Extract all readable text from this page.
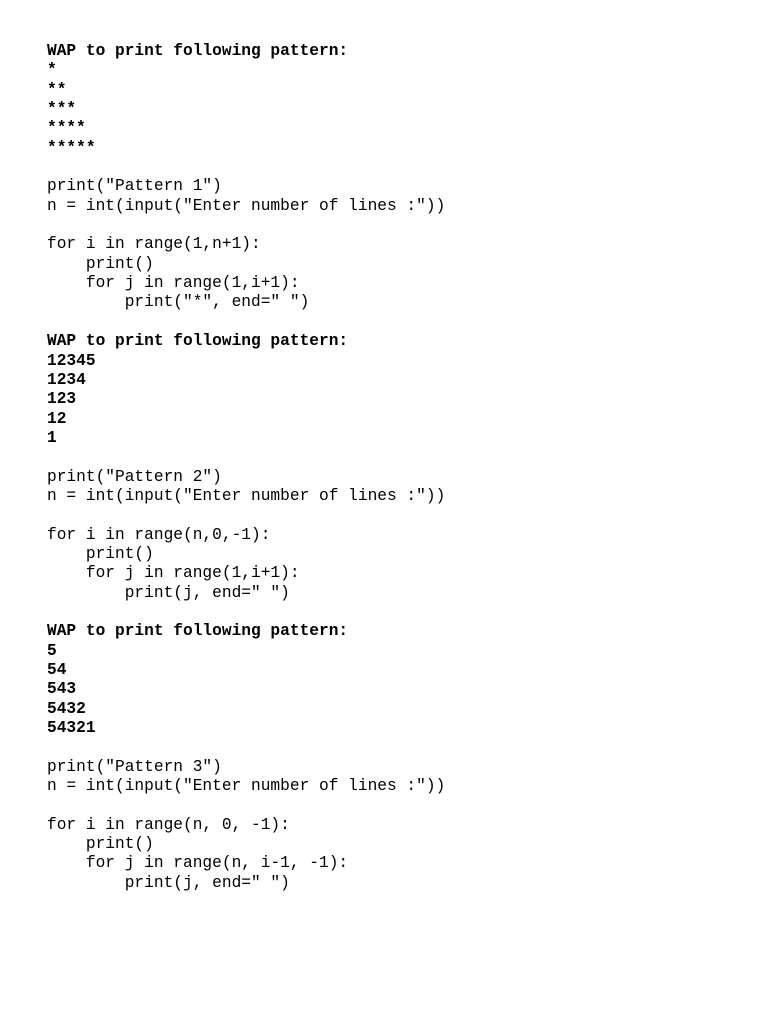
WAP to print following pattern:
*
**
***
****
*****
print("Pattern 1")
n = int(input("Enter number of lines :"))
for i in range(1,n+1):
print()
for j in range(1,i+1):
print("*", end=" ")
WAP to print following pattern:
12345
1234
123
12
1
print("Pattern 2")
n = int(input("Enter number of lines :"))
for i in range(n,0,-1):
print()
for j in range(1,i+1):
print(j, end=" ")
WAP to print following pattern:
5
54
543
5432
54321
print("Pattern 3")
n = int(input("Enter number of lines :"))
for i in range(n, 0, -1):
print()
for j in range(n, i-1, -1):
print(j, end=" ")
